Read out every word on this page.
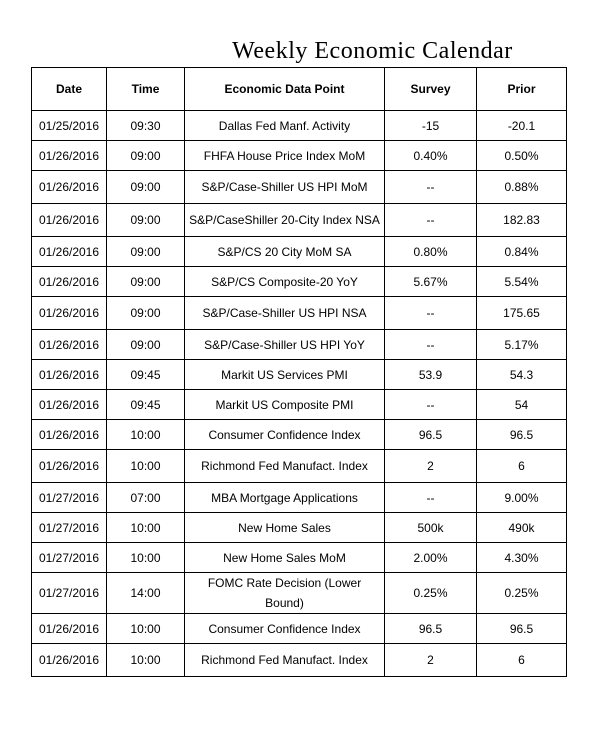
Weekly Economic Calendar
Date	Time	Economic Data Point	Survey	Prior
01/25/2016	09:30	Dallas Fed Manf. Activity	-15	-20.1
01/26/2016	09:00	FHFA House Price Index MoM	0.40%	0.50%
01/26/2016	09:00	S&P/Case-Shiller US HPI MoM	--	0.88%
01/26/2016	09:00	S&P/CaseShiller 20-City Index NSA	--	182.83
01/26/2016	09:00	S&P/CS 20 City MoM SA	0.80%	0.84%
01/26/2016	09:00	S&P/CS Composite-20 YoY	5.67%	5.54%
01/26/2016	09:00	S&P/Case-Shiller US HPI NSA	--	175.65
01/26/2016	09:00	S&P/Case-Shiller US HPI YoY	--	5.17%
01/26/2016	09:45	Markit US Services PMI	53.9	54.3
01/26/2016	09:45	Markit US Composite PMI	--	54
01/26/2016	10:00	Consumer Confidence Index	96.5	96.5
01/26/2016	10:00	Richmond Fed Manufact. Index	2	6
01/27/2016	07:00	MBA Mortgage Applications	--	9.00%
01/27/2016	10:00	New Home Sales	500k	490k
01/27/2016	10:00	New Home Sales MoM	2.00%	4.30%
01/27/2016	14:00	FOMC Rate Decision (Lower Bound)	0.25%	0.25%
01/26/2016	10:00	Consumer Confidence Index	96.5	96.5
01/26/2016	10:00	Richmond Fed Manufact. Index	2	6
